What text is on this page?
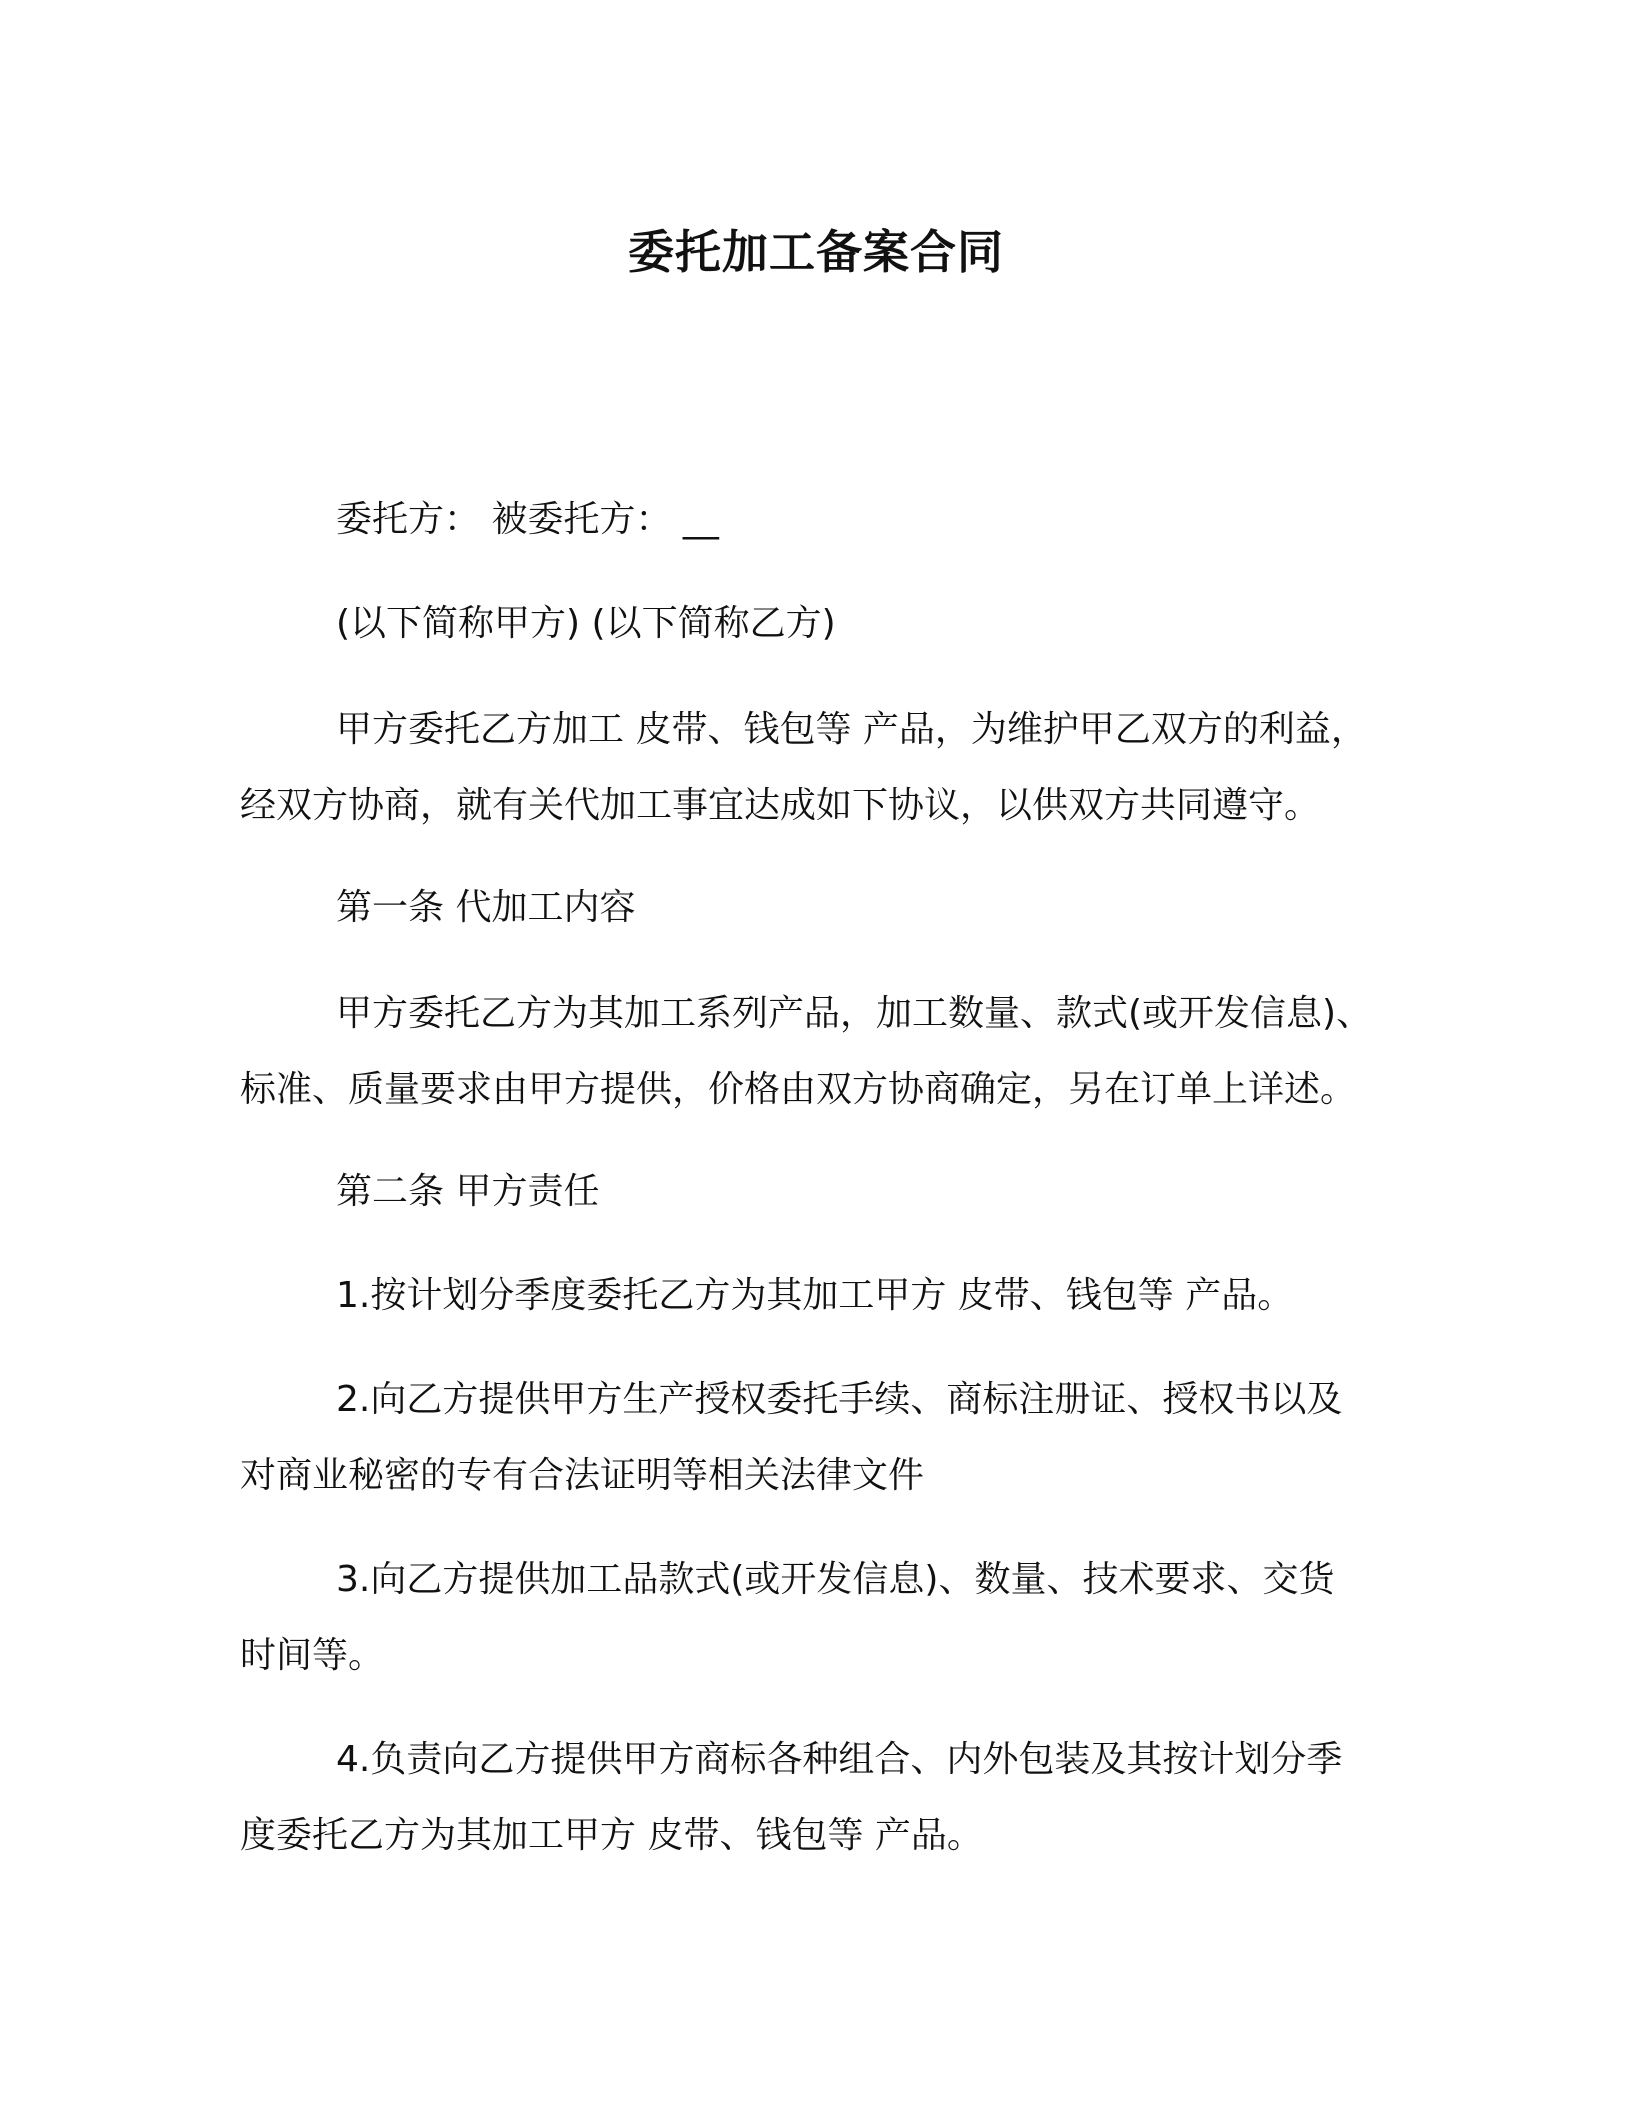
委托加工备案合同

委托方： 被委托方： __

(以下简称甲方) (以下简称乙方)

甲方委托乙方加工 皮带、钱包等 产品，为维护甲乙双方的利益，
经双方协商，就有关代加工事宜达成如下协议，以供双方共同遵守。

第一条 代加工内容

甲方委托乙方为其加工系列产品，加工数量、款式(或开发信息)、
标准、质量要求由甲方提供，价格由双方协商确定，另在订单上详述。

第二条 甲方责任

1.按计划分季度委托乙方为其加工甲方 皮带、钱包等 产品。

2.向乙方提供甲方生产授权委托手续、商标注册证、授权书以及
对商业秘密的专有合法证明等相关法律文件

3.向乙方提供加工品款式(或开发信息)、数量、技术要求、交货
时间等。

4.负责向乙方提供甲方商标各种组合、内外包装及其按计划分季
度委托乙方为其加工甲方 皮带、钱包等 产品。
